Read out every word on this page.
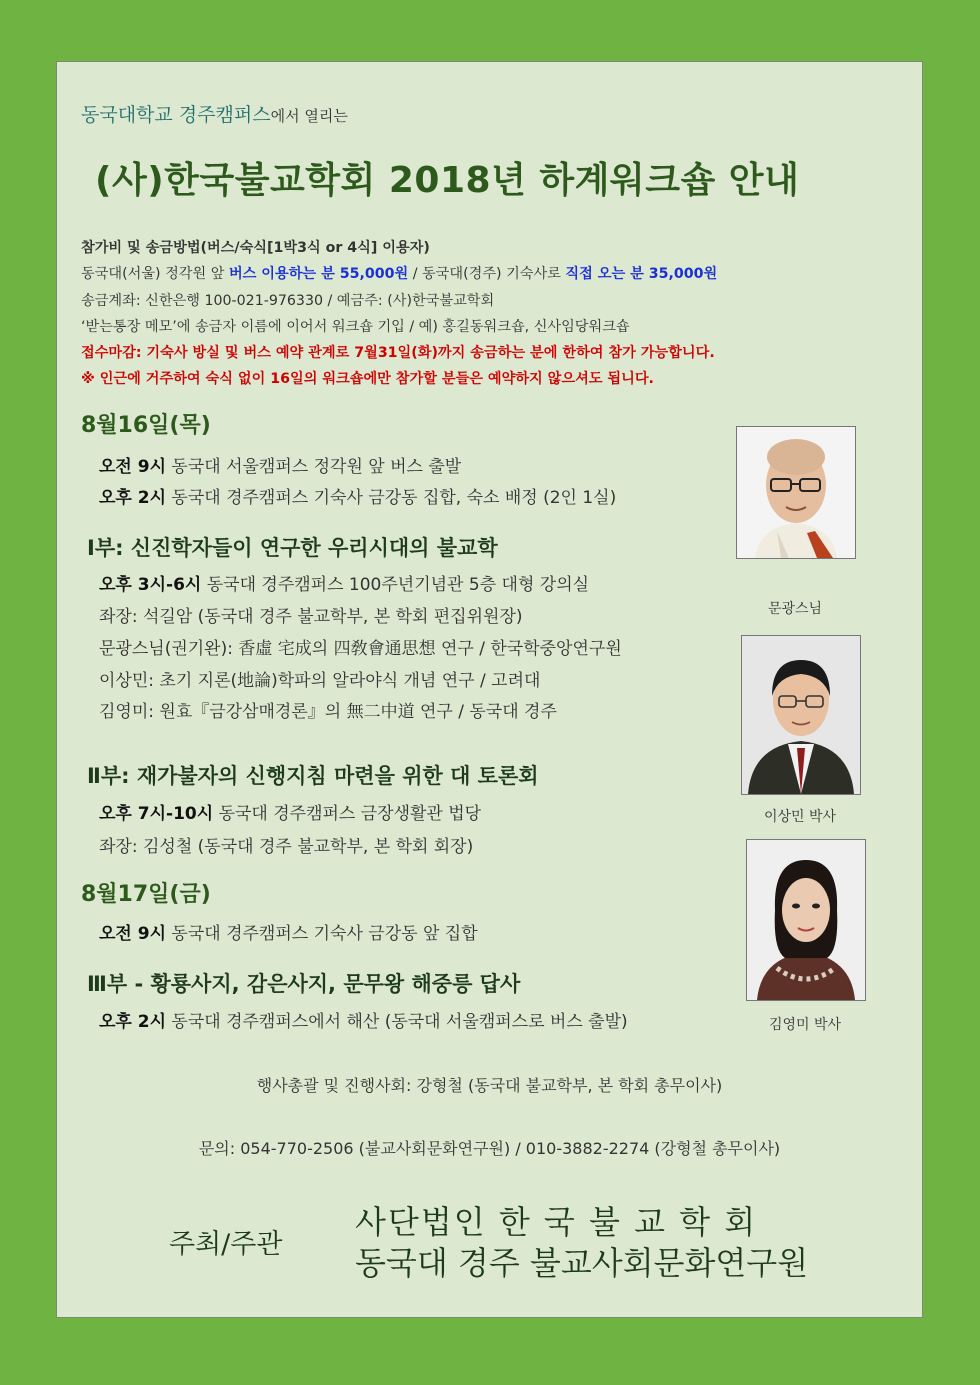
동국대학교 경주캠퍼스에서 열리는
(사)한국불교학회 2018년 하계워크숍 안내
참가비 및 송금방법(버스/숙식[1박3식 or 4식] 이용자)
동국대(서울) 정각원 앞 버스 이용하는 분 55,000원 / 동국대(경주) 기숙사로 직접 오는 분 35,000원
송금계좌: 신한은행 100-021-976330 / 예금주: (사)한국불교학회
‘받는통장 메모’에 송금자 이름에 이어서 워크숍 기입 / 예) 홍길동워크숍, 신사임당워크숍
접수마감: 기숙사 방실 및 버스 예약 관계로 7월31일(화)까지 송금하는 분에 한하여 참가 가능합니다.
※ 인근에 거주하여 숙식 없이 16일의 워크숍에만 참가할 분들은 예약하지 않으셔도 됩니다.
8월16일(목)
오전 9시 동국대 서울캠퍼스 정각원 앞 버스 출발
오후 2시 동국대 경주캠퍼스 기숙사 금강동 집합, 숙소 배정 (2인 1실)
Ⅰ부: 신진학자들이 연구한 우리시대의 불교학
오후 3시-6시 동국대 경주캠퍼스 100주년기념관 5층 대형 강의실
좌장: 석길암 (동국대 경주 불교학부, 본 학회 편집위원장)
문광스님(권기완): 香虛 宅成의 四敎會通思想 연구 / 한국학중앙연구원
이상민: 초기 지론(地論)학파의 알라야식 개념 연구 / 고려대
김영미: 원효『금강삼매경론』의 無二中道 연구 / 동국대 경주
Ⅱ부: 재가불자의 신행지침 마련을 위한 대 토론회
오후 7시-10시 동국대 경주캠퍼스 금장생활관 법당
좌장: 김성철 (동국대 경주 불교학부, 본 학회 회장)
8월17일(금)
오전 9시 동국대 경주캠퍼스 기숙사 금강동 앞 집합
Ⅲ부 - 황룡사지, 감은사지, 문무왕 해중릉 답사
오후 2시 동국대 경주캠퍼스에서 해산 (동국대 서울캠퍼스로 버스 출발)
문광스님
이상민 박사
김영미 박사
행사총괄 및 진행사회: 강형철 (동국대 불교학부, 본 학회 총무이사)
문의: 054-770-2506 (불교사회문화연구원) / 010-3882-2274 (강형철 총무이사)
주최/주관
사단법인 한 국 불 교 학 회
동국대 경주 불교사회문화연구원
